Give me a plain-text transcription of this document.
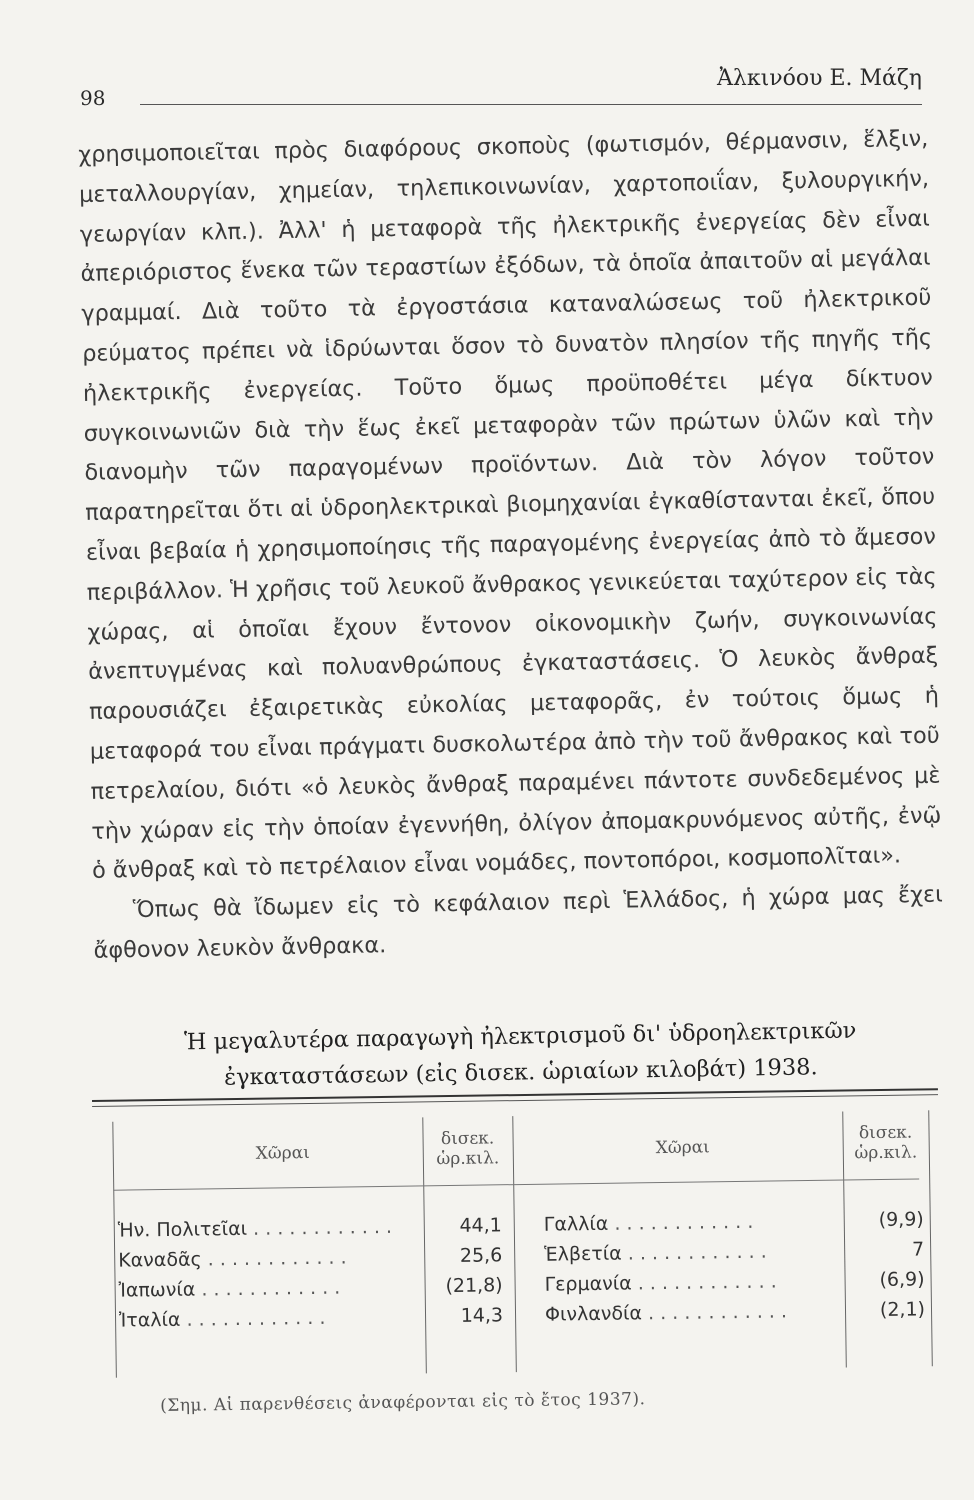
98
Ἀλκινόου Ε. Μάζη

χρησιμοποιεῖται πρὸς διαφόρους σκοποὺς (φωτισμόν, θέρμανσιν, ἕλξιν, μεταλλουργίαν, χημείαν, τηλεπικοινωνίαν, χαρτοποιΐαν, ξυλουργικήν, γεωργίαν κλπ.). Ἀλλ' ἡ μεταφορὰ τῆς ἠλεκτρικῆς ἐνεργείας δὲν εἶναι ἀπεριόριστος ἕνεκα τῶν τεραστίων ἐξόδων, τὰ ὁποῖα ἀπαιτοῦν αἱ μεγάλαι γραμμαί. Διὰ τοῦτο τὰ ἐργοστάσια καταναλώσεως τοῦ ἠλεκτρικοῦ ρεύματος πρέπει νὰ ἱδρύωνται ὅσον τὸ δυνατὸν πλησίον τῆς πηγῆς τῆς ἠλεκτρικῆς ἐνεργείας. Τοῦτο ὅμως προϋποθέτει μέγα δίκτυον συγκοινωνιῶν διὰ τὴν ἕως ἐκεῖ μεταφορὰν τῶν πρώτων ὑλῶν καὶ τὴν διανομὴν τῶν παραγομένων προϊόντων. Διὰ τὸν λόγον τοῦτον παρατηρεῖται ὅτι αἱ ὑδροηλεκτρικαὶ βιομηχανίαι ἐγκαθίστανται ἐκεῖ, ὅπου εἶναι βεβαία ἡ χρησιμοποίησις τῆς παραγομένης ἐνεργείας ἀπὸ τὸ ἄμεσον περιβάλλον. Ἡ χρῆσις τοῦ λευκοῦ ἄνθρακος γενικεύεται ταχύτερον εἰς τὰς χώρας, αἱ ὁποῖαι ἔχουν ἔντονον οἰκονομικὴν ζωήν, συγκοινωνίας ἀνεπτυγμένας καὶ πολυανθρώπους ἐγκαταστάσεις. Ὁ λευκὸς ἄνθραξ παρουσιάζει ἐξαιρετικὰς εὐκολίας μεταφορᾶς, ἐν τούτοις ὅμως ἡ μεταφορά του εἶναι πράγματι δυσκολωτέρα ἀπὸ τὴν τοῦ ἄνθρακος καὶ τοῦ πετρελαίου, διότι «ὁ λευκὸς ἄνθραξ παραμένει πάντοτε συνδεδεμένος μὲ τὴν χώραν εἰς τὴν ὁποίαν ἐγεννήθη, ὀλίγον ἀπομακρυνόμενος αὐτῆς, ἐνῷ ὁ ἄνθραξ καὶ τὸ πετρέλαιον εἶναι νομάδες, ποντοπόροι, κοσμοπολῖται».

Ὅπως θὰ ἴδωμεν εἰς τὸ κεφάλαιον περὶ Ἑλλάδος, ἡ χώρα μας ἔχει ἄφθονον λευκὸν ἄνθρακα.

Ἡ μεγαλυτέρα παραγωγὴ ἠλεκτρισμοῦ δι' ὑδροηλεκτρικῶν
ἐγκαταστάσεων (εἰς δισεκ. ὡριαίων κιλοβάτ) 1938.
Χῶραι
δισεκ.
ὡρ.κιλ.
Χῶραι
δισεκ.
ὡρ.κιλ.
Ἡν. Πολιτεῖαι . . .	44,1 Γαλλία . . .	(9,9)
Καναδᾶς . . .	25,6 Ἑλβετία . . .	7
Ἰαπωνία . . .	(21,8) Γερμανία . . .	(6,9)
Ἰταλία . . .	14,3 Φινλανδία . . .	(2,1)
(Σημ. Αἱ παρενθέσεις ἀναφέρονται εἰς τὸ ἔτος 1937).
